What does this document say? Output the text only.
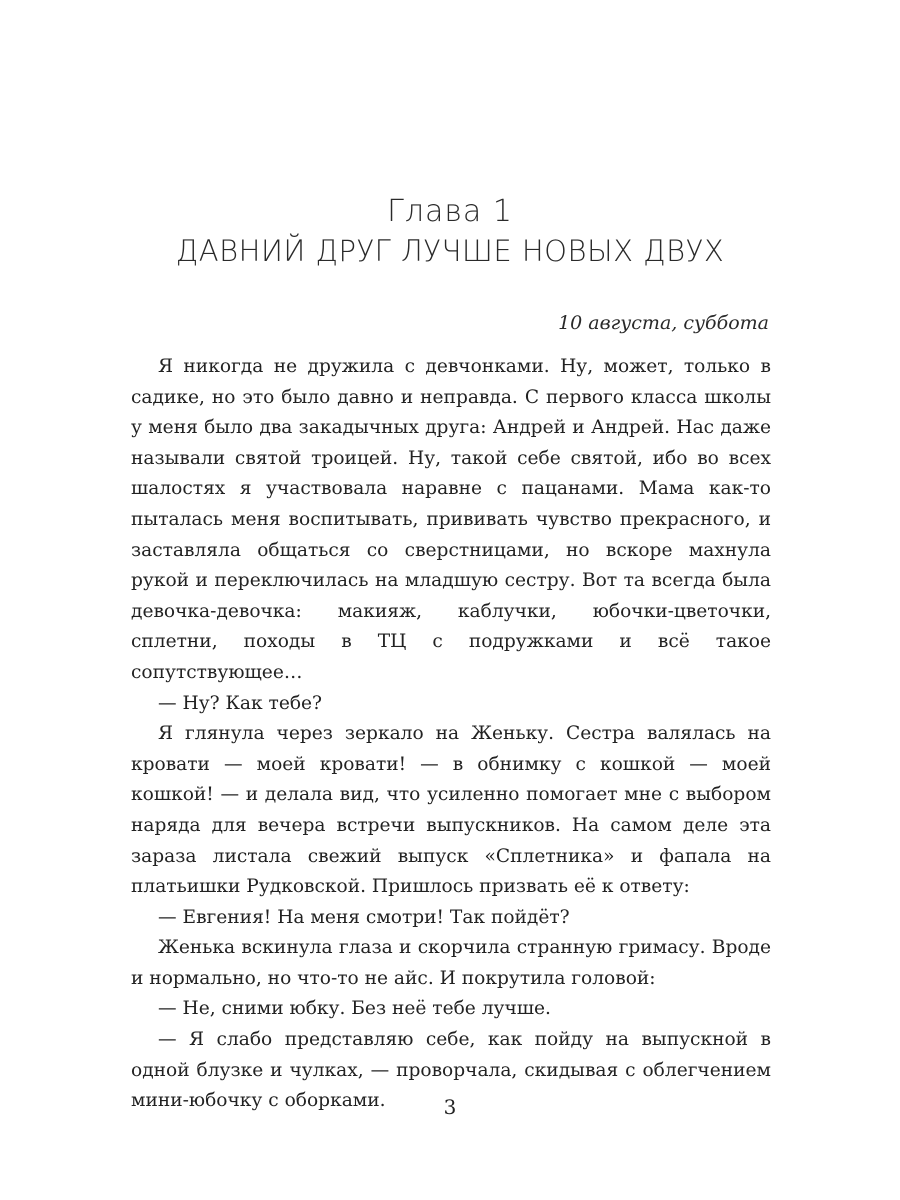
Глава 1
ДАВНИЙ ДРУГ ЛУЧШЕ НОВЫХ ДВУХ
10 августа, суббота

Я никогда не дружила с девчонками. Ну, может, только в садике, но это было давно и неправда. С первого класса школы у меня было два закадычных друга: Андрей и Андрей. Нас даже называли святой троицей. Ну, такой себе святой, ибо во всех шалостях я участвовала наравне с пацанами. Мама как-то пыталась меня воспитывать, прививать чувство прекрасного, и заставляла общаться со сверстницами, но вскоре махнула рукой и переключилась на младшую сестру. Вот та всегда была девочка-девочка: макияж, каблучки, юбочки-цветочки, сплетни, походы в ТЦ с подружками и всё такое сопутствующее…

— Ну? Как тебе?

Я глянула через зеркало на Женьку. Сестра валялась на кровати — моей кровати! — в обнимку с кошкой — моей кошкой! — и делала вид, что усиленно помогает мне с выбором наряда для вечера встречи выпускников. На самом деле эта зараза листала свежий выпуск «Сплетника» и фапала на платьишки Рудковской. Пришлось призвать её к ответу:

— Евгения! На меня смотри! Так пойдёт?

Женька вскинула глаза и скорчила странную гримасу. Вроде и нормально, но что-то не айс. И покрутила головой:

— Не, сними юбку. Без неё тебе лучше.

— Я слабо представляю себе, как пойду на выпускной в одной блузке и чулках, — проворчала, скидывая с облегчением мини-юбочку с оборками.	3
